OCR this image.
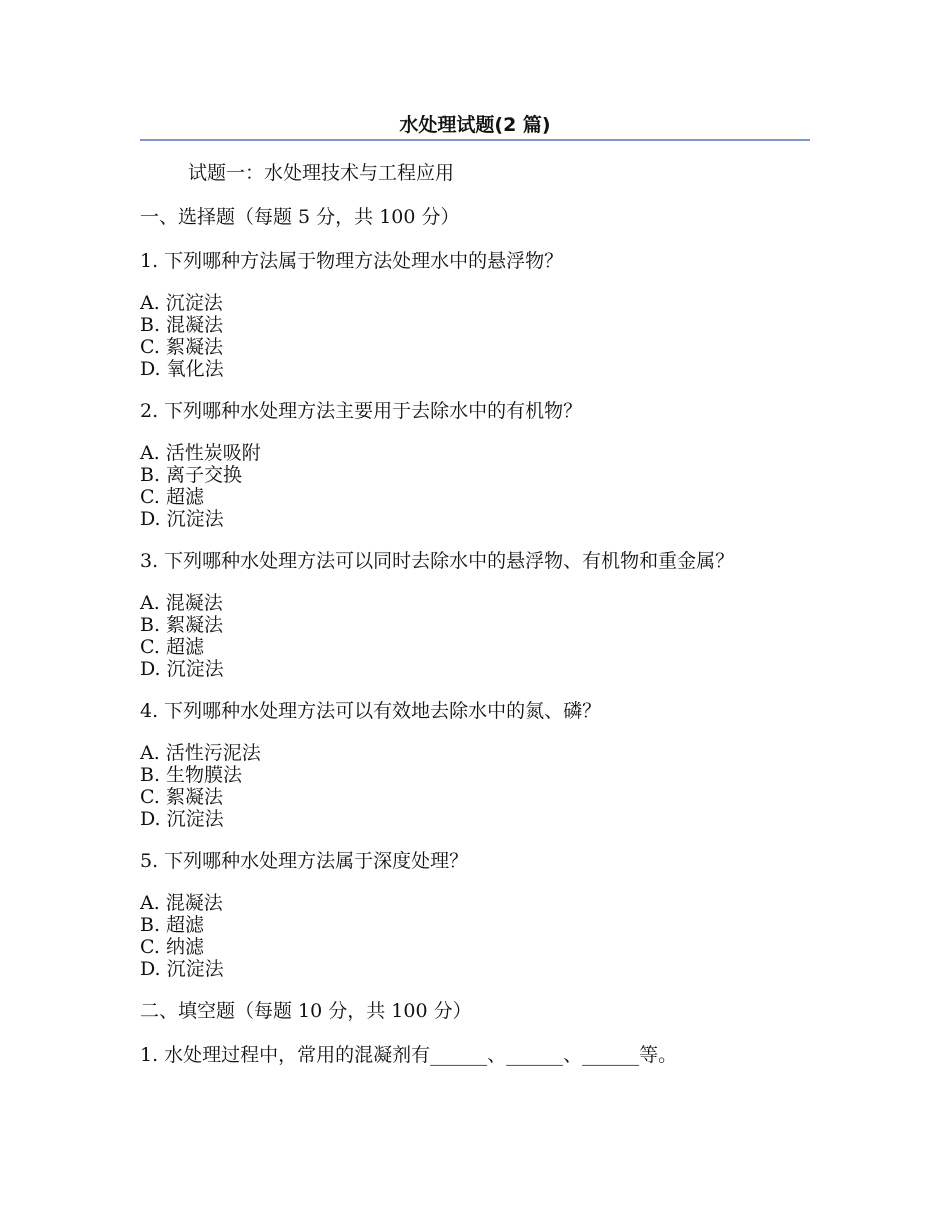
水处理试题(2 篇)

试题一：水处理技术与工程应用

一、选择题（每题 5 分，共 100 分）

1. 下列哪种方法属于物理方法处理水中的悬浮物？

A. 沉淀法
B. 混凝法
C. 絮凝法
D. 氧化法

2. 下列哪种水处理方法主要用于去除水中的有机物？

A. 活性炭吸附
B. 离子交换
C. 超滤
D. 沉淀法

3. 下列哪种水处理方法可以同时去除水中的悬浮物、有机物和重金属？

A. 混凝法
B. 絮凝法
C. 超滤
D. 沉淀法

4. 下列哪种水处理方法可以有效地去除水中的氮、磷？

A. 活性污泥法
B. 生物膜法
C. 絮凝法
D. 沉淀法

5. 下列哪种水处理方法属于深度处理？

A. 混凝法
B. 超滤
C. 纳滤
D. 沉淀法

二、填空题（每题 10 分，共 100 分）

1. 水处理过程中，常用的混凝剂有______、______、______等。
